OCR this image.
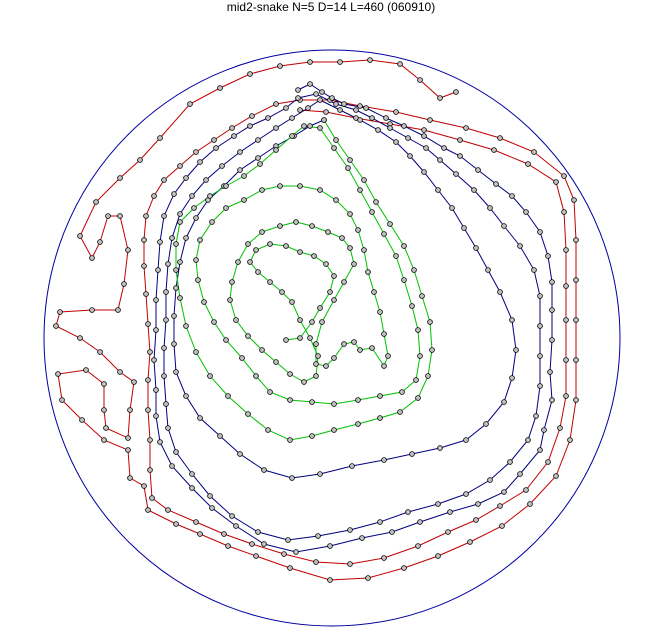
mid2-snake N=5 D=14 L=460 (060910)
